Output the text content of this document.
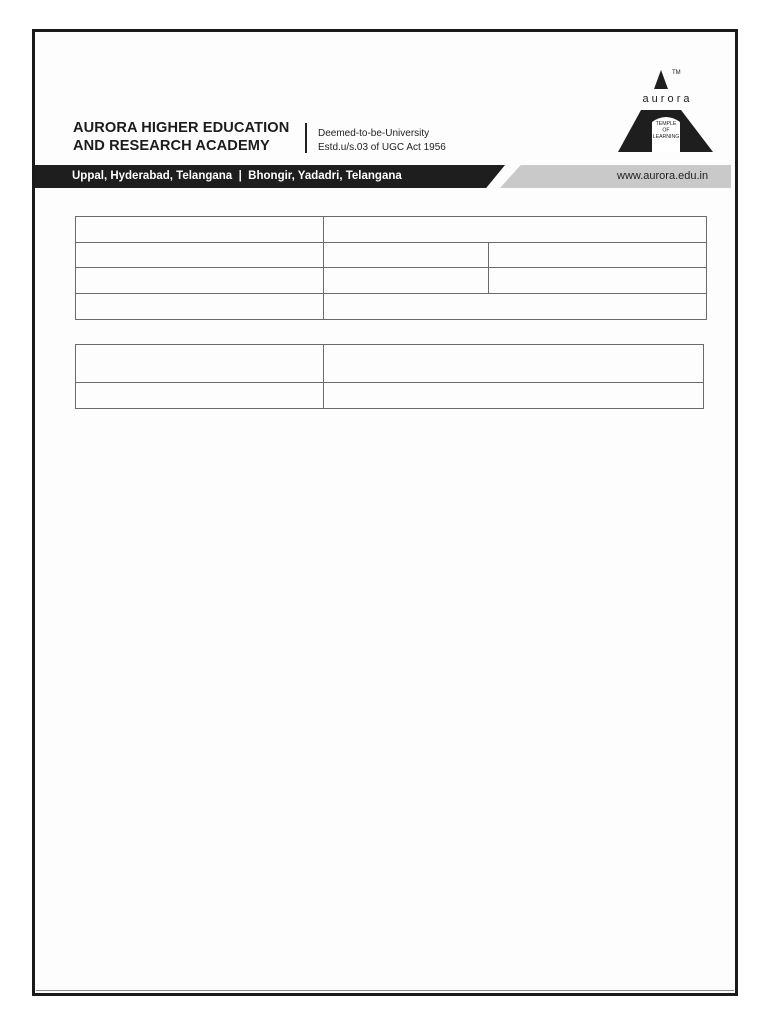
AURORA HIGHER EDUCATION
AND RESEARCH ACADEMY
Deemed-to-be-University
Estd.u/s.03 of UGC Act 1956
TM
a u r o r a
TEMPLE
OF
LEARNING
Uppal, Hyderabad, Telangana  |  Bhongir, Yadadri, Telangana	www.aurora.edu.in
